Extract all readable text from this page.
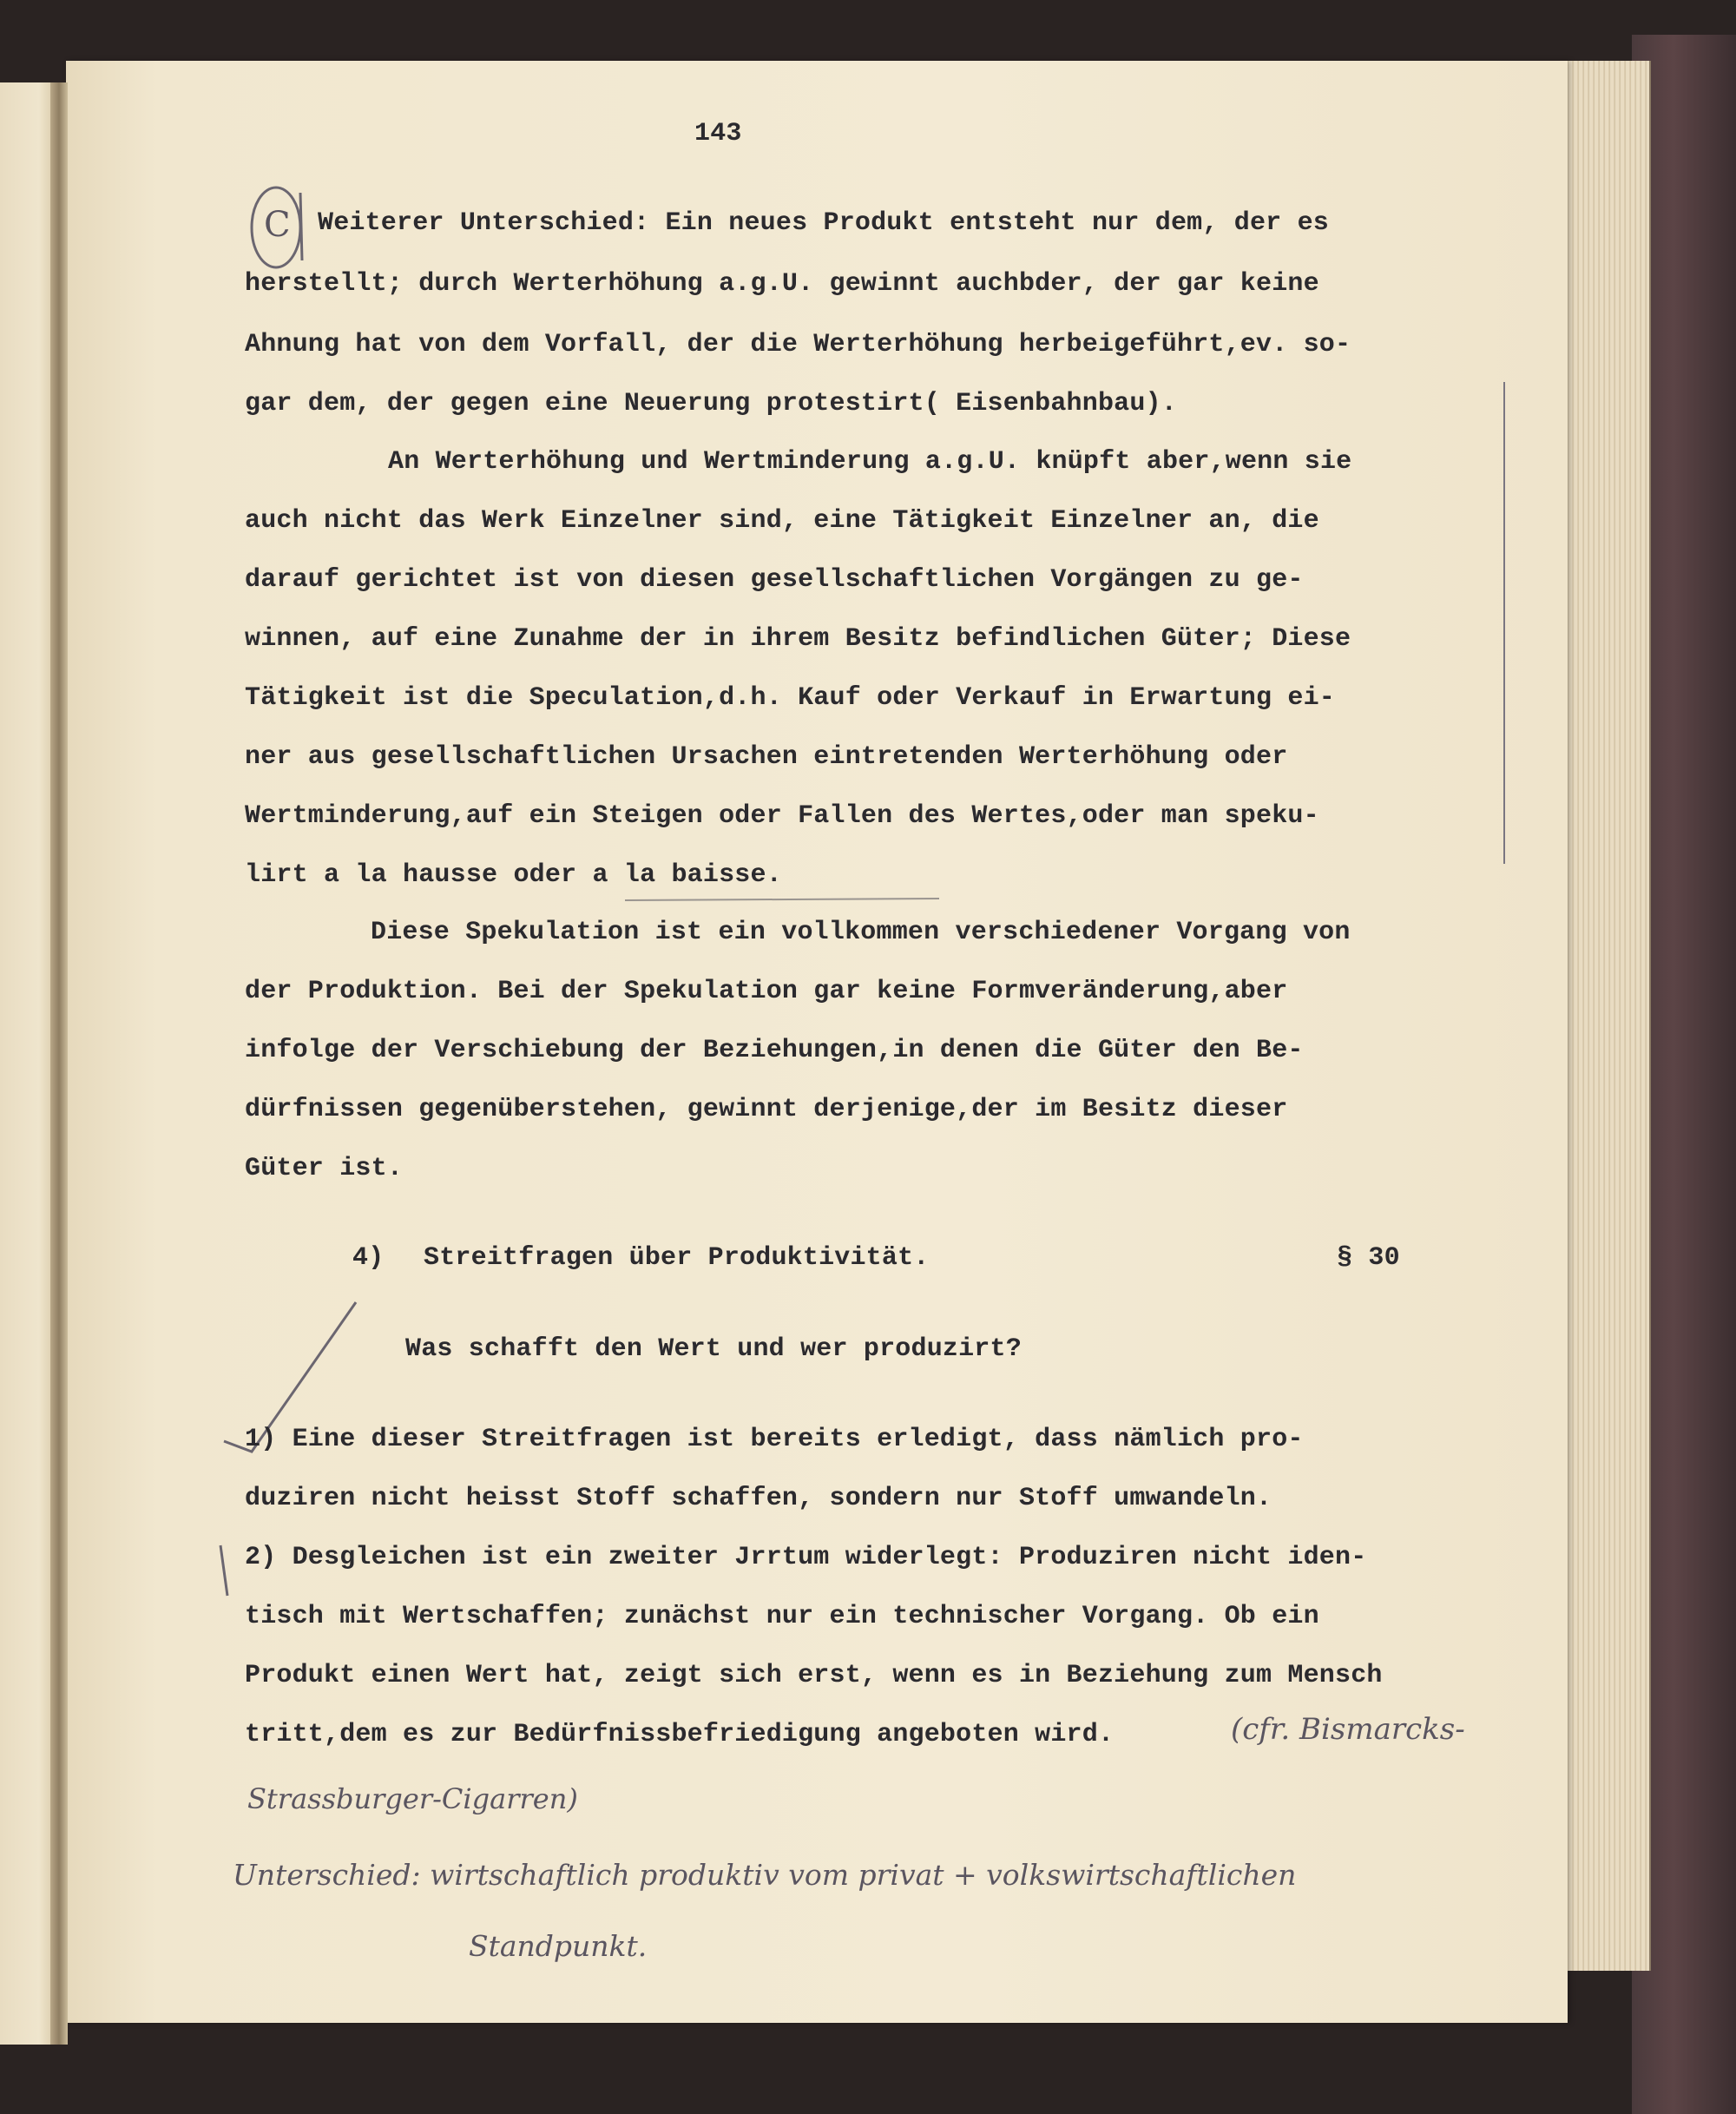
143
C Weiterer Unterschied: Ein neues Produkt entsteht nur dem, der es
herstellt; durch Werterhöhung a.g.U. gewinnt auchbder, der gar keine
Ahnung hat von dem Vorfall, der die Werterhöhung herbeigeführt,ev. so-
gar dem, der gegen eine Neuerung protestirt( Eisenbahnbau).
An Werterhöhung und Wertminderung a.g.U. knüpft aber,wenn sie
auch nicht das Werk Einzelner sind, eine Tätigkeit Einzelner an, die
darauf gerichtet ist von diesen gesellschaftlichen Vorgängen zu ge-
winnen, auf eine Zunahme der in ihrem Besitz befindlichen Güter; Diese
Tätigkeit ist die Speculation,d.h. Kauf oder Verkauf in Erwartung ei-
ner aus gesellschaftlichen Ursachen eintretenden Werterhöhung oder
Wertminderung,auf ein Steigen oder Fallen des Wertes,oder man speku-
lirt a la hausse oder a la baisse.
Diese Spekulation ist ein vollkommen verschiedener Vorgang von
der Produktion. Bei der Spekulation gar keine Formveränderung,aber
infolge der Verschiebung der Beziehungen,in denen die Güter den Be-
dürfnissen gegenüberstehen, gewinnt derjenige,der im Besitz dieser
Güter ist.
4) Streitfragen über Produktivität.	§ 30
Was schafft den Wert und wer produzirt?
1) Eine dieser Streitfragen ist bereits erledigt, dass nämlich pro-
duziren nicht heisst Stoff schaffen, sondern nur Stoff umwandeln.
2) Desgleichen ist ein zweiter Jrrtum widerlegt: Produziren nicht iden-
tisch mit Wertschaffen; zunächst nur ein technischer Vorgang. Ob ein
Produkt einen Wert hat, zeigt sich erst, wenn es in Beziehung zum Mensch
tritt,dem es zur Bedürfnissbefriedigung angeboten wird.	(cfr. Bismarcks-
Strassburger-Cigarren)
Unterschied: wirtschaftlich produktiv vom privat + volkswirtschaftlichen
Standpunkt.
